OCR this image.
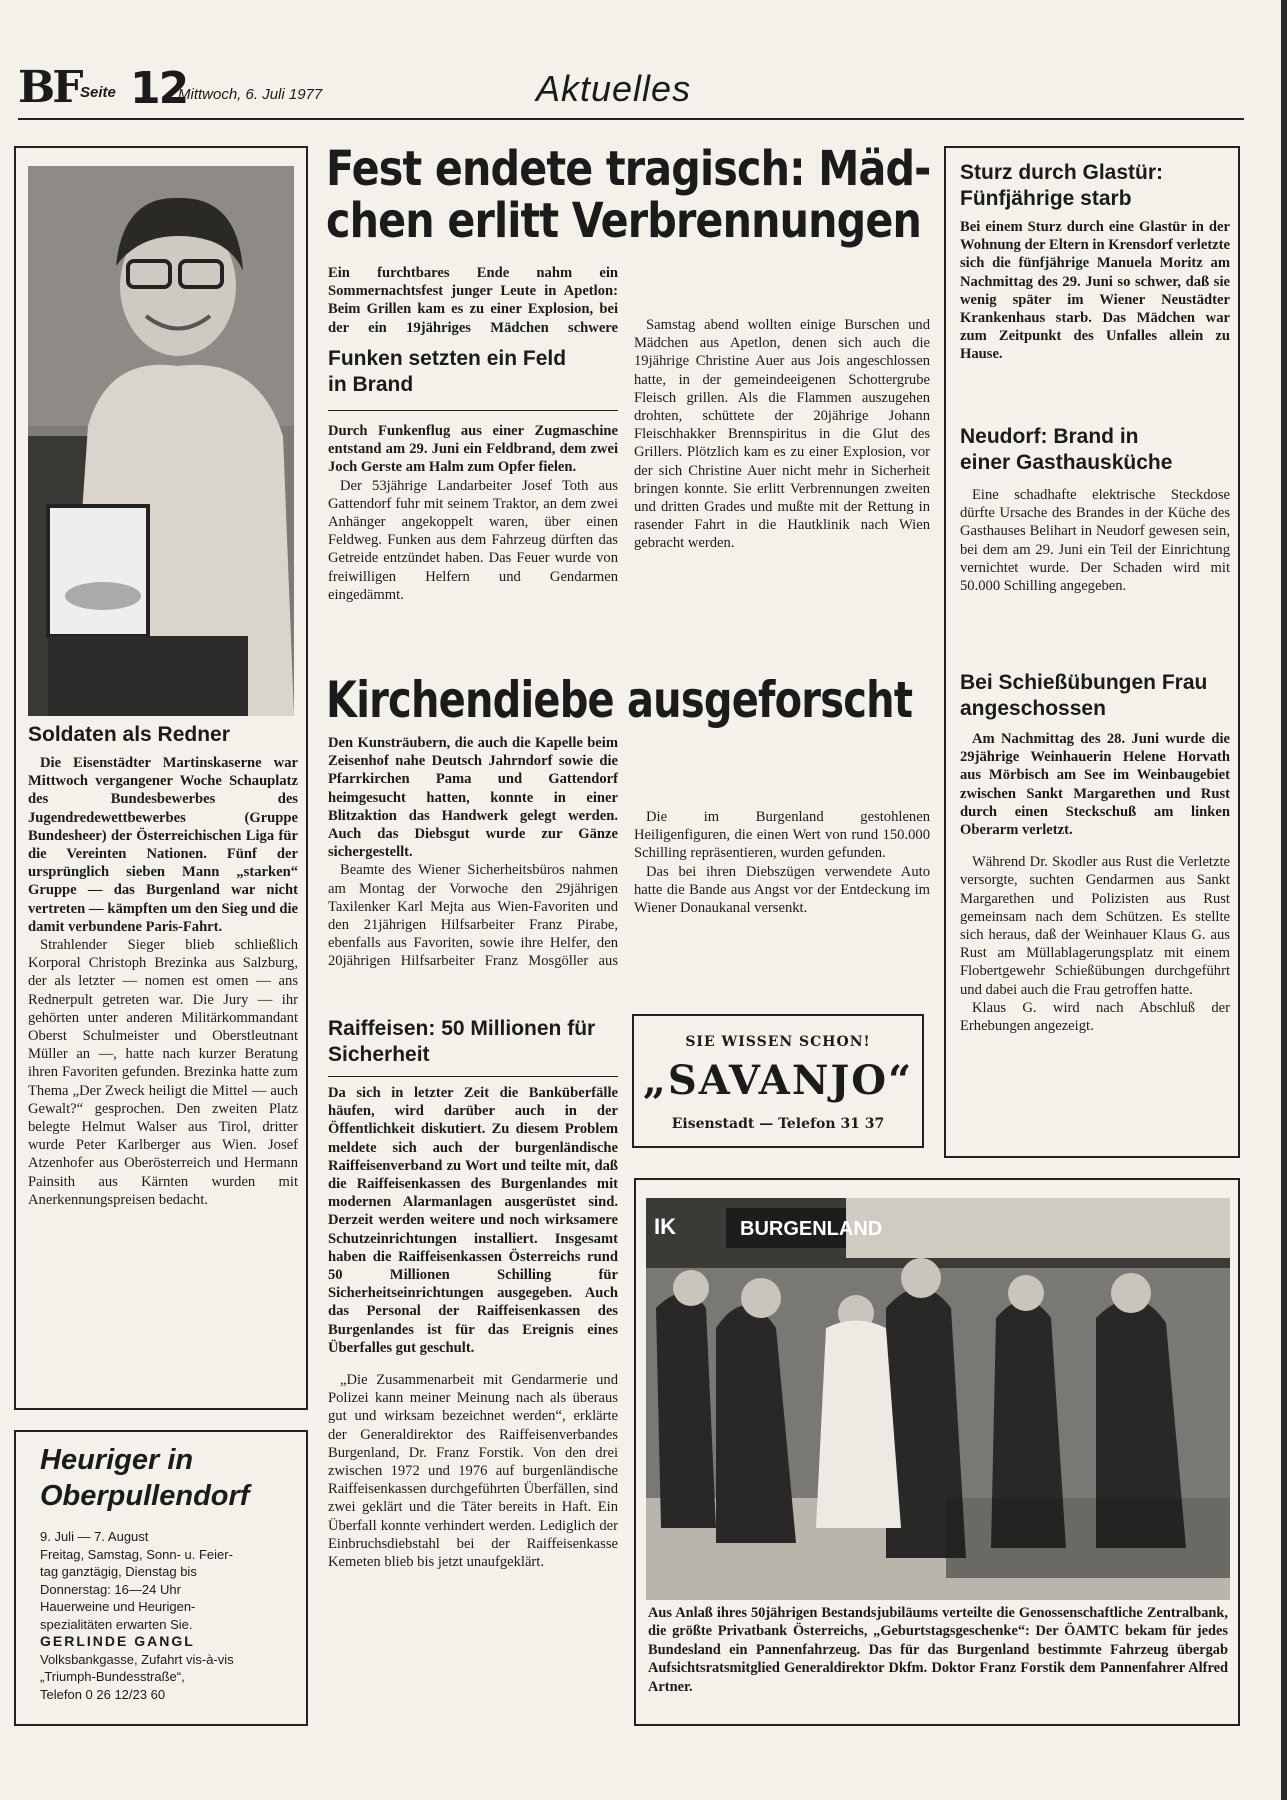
BF Seite 12
Mittwoch, 6. Juli 1977	Aktuelles
Soldaten als Redner

Die Eisenstädter Martinskaserne war Mittwoch vergangener Woche Schauplatz des Bundesbewerbes des Jugendredewettbewerbes (Gruppe Bundesheer) der Österreichischen Liga für die Vereinten Nationen. Fünf der ursprünglich sieben Mann „starken“ Gruppe — das Burgenland war nicht vertreten — kämpften um den Sieg und die damit verbundene Paris-Fahrt.

Strahlender Sieger blieb schließlich Korporal Christoph Brezinka aus Salzburg, der als letzter — nomen est omen — ans Rednerpult getreten war. Die Jury — ihr gehörten unter anderen Militärkommandant Oberst Schulmeister und Oberstleutnant Müller an —, hatte nach kurzer Beratung ihren Favoriten gefunden. Brezinka hatte zum Thema „Der Zweck heiligt die Mittel — auch Gewalt?“ gesprochen. Den zweiten Platz belegte Helmut Walser aus Tirol, dritter wurde Peter Karlberger aus Wien. Josef Atzenhofer aus Oberösterreich und Hermann Painsith aus Kärnten wurden mit Anerkennungspreisen bedacht.

Heuriger in
Oberpullendorf
9. Juli — 7. August
Freitag, Samstag, Sonn- u. Feier-
tag ganztägig, Dienstag bis
Donnerstag: 16—24 Uhr
Hauerweine und Heurigen-
spezialitäten erwarten Sie.
GERLINDE GANGL
Volksbankgasse, Zufahrt vis-à-vis
„Triumph-Bundesstraße“,
Telefon 0 26 12/23 60
Fest endete tragisch: Mäd-
chen erlitt Verbrennungen

Ein furchtbares Ende nahm ein Sommernachtsfest junger Leute in Apetlon: Beim Grillen kam es zu einer Explosion, bei der ein 19jähriges Mädchen schwere

Funken setzten ein Feld in Brand

Durch Funkenflug aus einer Zugmaschine entstand am 29. Juni ein Feldbrand, dem zwei Joch Gerste am Halm zum Opfer fielen.

Der 53jährige Landarbeiter Josef Toth aus Gattendorf fuhr mit seinem Traktor, an dem zwei Anhänger angekoppelt waren, über einen Feldweg. Funken aus dem Fahrzeug dürften das Getreide entzündet haben. Das Feuer wurde von freiwilligen Helfern und Gendarmen eingedämmt.

Samstag abend wollten einige Burschen und Mädchen aus Apetlon, denen sich auch die 19jährige Christine Auer aus Jois angeschlossen hatte, in der gemeindeeigenen Schottergrube Fleisch grillen. Als die Flammen auszugehen drohten, schüttete der 20jährige Johann Fleischhakker Brennspiritus in die Glut des Grillers. Plötzlich kam es zu einer Explosion, vor der sich Christine Auer nicht mehr in Sicherheit bringen konnte. Sie erlitt Verbrennungen zweiten und dritten Grades und mußte mit der Rettung in rasender Fahrt in die Hautklinik nach Wien gebracht werden.

Kirchendiebe ausgeforscht

Den Kunsträubern, die auch die Kapelle beim Zeisenhof nahe Deutsch Jahrndorf sowie die Pfarrkirchen Pama und Gattendorf heimgesucht hatten, konnte in einer Blitzaktion das Handwerk gelegt werden. Auch das Diebsgut wurde zur Gänze sichergestellt.

Beamte des Wiener Sicherheitsbüros nahmen am Montag der Vorwoche den 29jährigen Taxilenker Karl Mejta aus Wien-Favoriten und den 21jährigen Hilfsarbeiter Franz Pirabe, ebenfalls aus Favoriten, sowie ihre Helfer, den 20jährigen Hilfsarbeiter Franz Mosgöller aus

Die im Burgenland gestohlenen Heiligenfiguren, die einen Wert von rund 150.000 Schilling repräsentieren, wurden gefunden.

Das bei ihren Diebszügen verwendete Auto hatte die Bande aus Angst vor der Entdeckung im Wiener Donaukanal versenkt.

Raiffeisen: 50 Millionen für Sicherheit

Da sich in letzter Zeit die Banküberfälle häufen, wird darüber auch in der Öffentlichkeit diskutiert. Zu diesem Problem meldete sich auch der burgenländische Raiffeisenverband zu Wort und teilte mit, daß die Raiffeisenkassen des Burgenlandes mit modernen Alarmanlagen ausgerüstet sind. Derzeit werden weitere und noch wirksamere Schutzeinrichtungen installiert. Insgesamt haben die Raiffeisenkassen Österreichs rund 50 Millionen Schilling für Sicherheitseinrichtungen ausgegeben. Auch das Personal der Raiffeisenkassen des Burgenlandes ist für das Ereignis eines Überfalles gut geschult.

„Die Zusammenarbeit mit Gendarmerie und Polizei kann meiner Meinung nach als überaus gut und wirksam bezeichnet werden“, erklärte der Generaldirektor des Raiffeisenverbandes Burgenland, Dr. Franz Forstik. Von den drei zwischen 1972 und 1976 auf burgenländische Raiffeisenkassen durchgeführten Überfällen, sind zwei geklärt und die Täter bereits in Haft. Ein Überfall konnte verhindert werden. Lediglich der Einbruchsdiebstahl bei der Raiffeisenkasse Kemeten blieb bis jetzt unaufgeklärt.

SIE WISSEN SCHON!
„SAVANJO“
Eisenstadt — Telefon 31 37
Sturz durch Glastür: Fünfjährige starb

Bei einem Sturz durch eine Glastür in der Wohnung der Eltern in Krensdorf verletzte sich die fünfjährige Manuela Moritz am Nachmittag des 29. Juni so schwer, daß sie wenig später im Wiener Neustädter Krankenhaus starb. Das Mädchen war zum Zeitpunkt des Unfalles allein zu Hause.

Neudorf: Brand in einer Gasthausküche

Eine schadhafte elektrische Steckdose dürfte Ursache des Brandes in der Küche des Gasthauses Belihart in Neudorf gewesen sein, bei dem am 29. Juni ein Teil der Einrichtung vernichtet wurde. Der Schaden wird mit 50.000 Schilling angegeben.

Bei Schießübungen Frau angeschossen

Am Nachmittag des 28. Juni wurde die 29jährige Weinhauerin Helene Horvath aus Mörbisch am See im Weinbaugebiet zwischen Sankt Margarethen und Rust durch einen Steckschuß am linken Oberarm verletzt.

Während Dr. Skodler aus Rust die Verletzte versorgte, suchten Gendarmen aus Sankt Margarethen und Polizisten aus Rust gemeinsam nach dem Schützen. Es stellte sich heraus, daß der Weinhauer Klaus G. aus Rust am Müllablagerungsplatz mit einem Flobertgewehr Schießübungen durchgeführt und dabei auch die Frau getroffen hatte.

Klaus G. wird nach Abschluß der Erhebungen angezeigt.

BURGENLAND
IK

Aus Anlaß ihres 50jährigen Bestandsjubiläums verteilte die Genossenschaftliche Zentralbank, die größte Privatbank Österreichs, „Geburtstagsgeschenke“: Der ÖAMTC bekam für jedes Bundesland ein Pannenfahrzeug. Das für das Burgenland bestimmte Fahrzeug übergab Aufsichtsratsmitglied Generaldirektor Dkfm. Doktor Franz Forstik dem Pannenfahrer Alfred Artner.
